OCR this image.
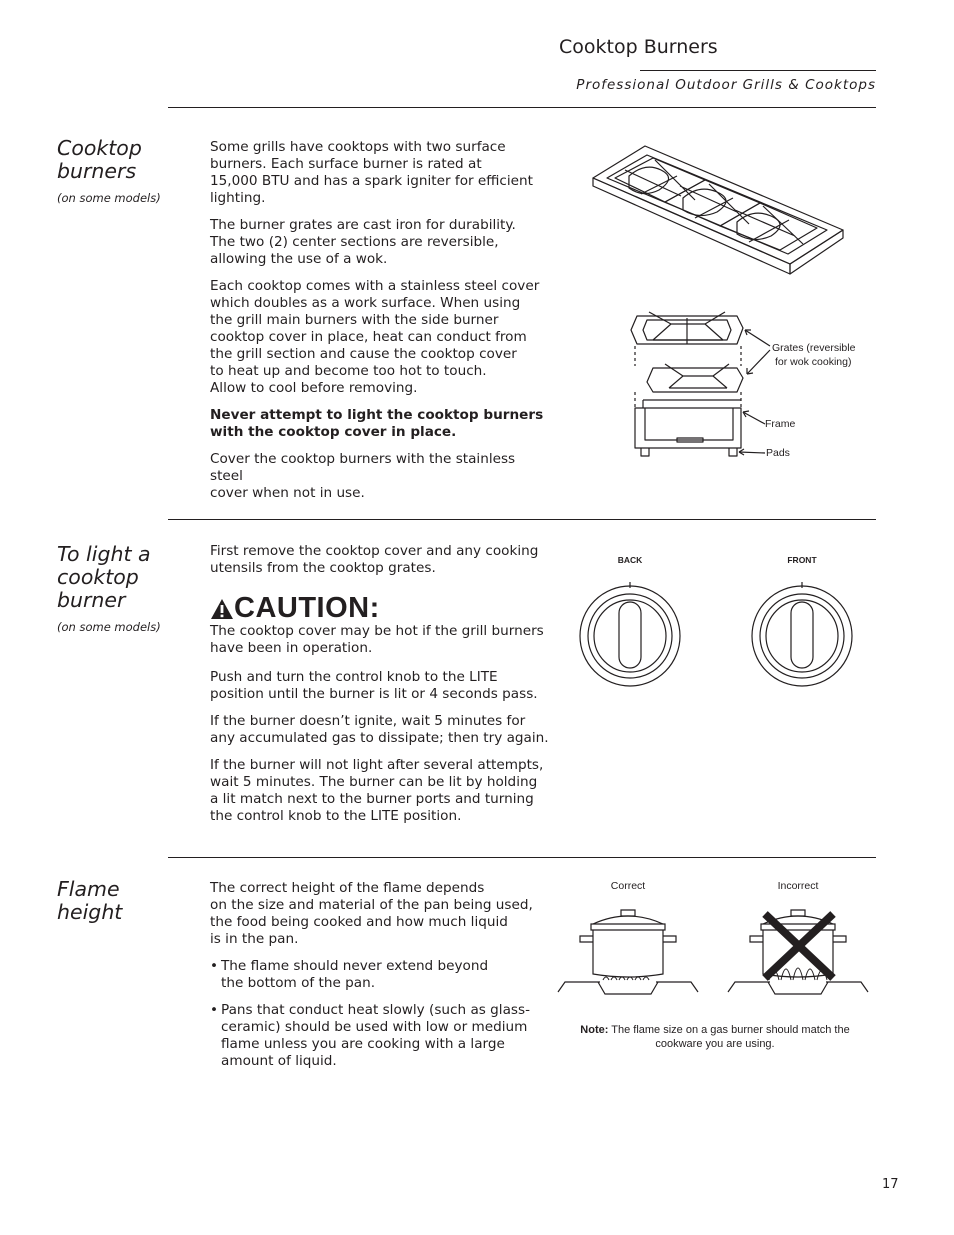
Cooktop Burners
Professional Outdoor Grills & Cooktops
Cooktop
burners
(on some models)

Some grills have cooktops with two surface
burners. Each surface burner is rated at
15,000 BTU and has a spark igniter for efficient
lighting.

The burner grates are cast iron for durability.
The two (2) center sections are reversible,
allowing the use of a wok.

Each cooktop comes with a stainless steel cover
which doubles as a work surface. When using
the grill main burners with the side burner
cooktop cover in place, heat can conduct from
the grill section and cause the cooktop cover
to heat up and become too hot to touch.
Allow to cool before removing.

Never attempt to light the cooktop burners
with the cooktop cover in place.

Cover the cooktop burners with the stainless steel
cover when not in use.

Grates (reversible
for wok cooking)
Frame
Pads
To light a
cooktop
burner
(on some models)

First remove the cooktop cover and any cooking
utensils from the cooktop grates.

CAUTION:

The cooktop cover may be hot if the grill burners
have been in operation.

Push and turn the control knob to the LITE
position until the burner is lit or 4 seconds pass.

If the burner doesn’t ignite, wait 5 minutes for
any accumulated gas to dissipate; then try again.

If the burner will not light after several attempts,
wait 5 minutes. The burner can be lit by holding
a lit match next to the burner ports and turning
the control knob to the LITE position.

BACK	FRONT
Flame
height

The correct height of the flame depends
on the size and material of the pan being used,
the food being cooked and how much liquid
is in the pan.

• The flame should never extend beyond
the bottom of the pan.
• Pans that conduct heat slowly (such as glass-
ceramic) should be used with low or medium
flame unless you are cooking with a large
amount of liquid.
Correct	Incorrect
Note: The flame size on a gas burner should match the cookware you are using.
17
